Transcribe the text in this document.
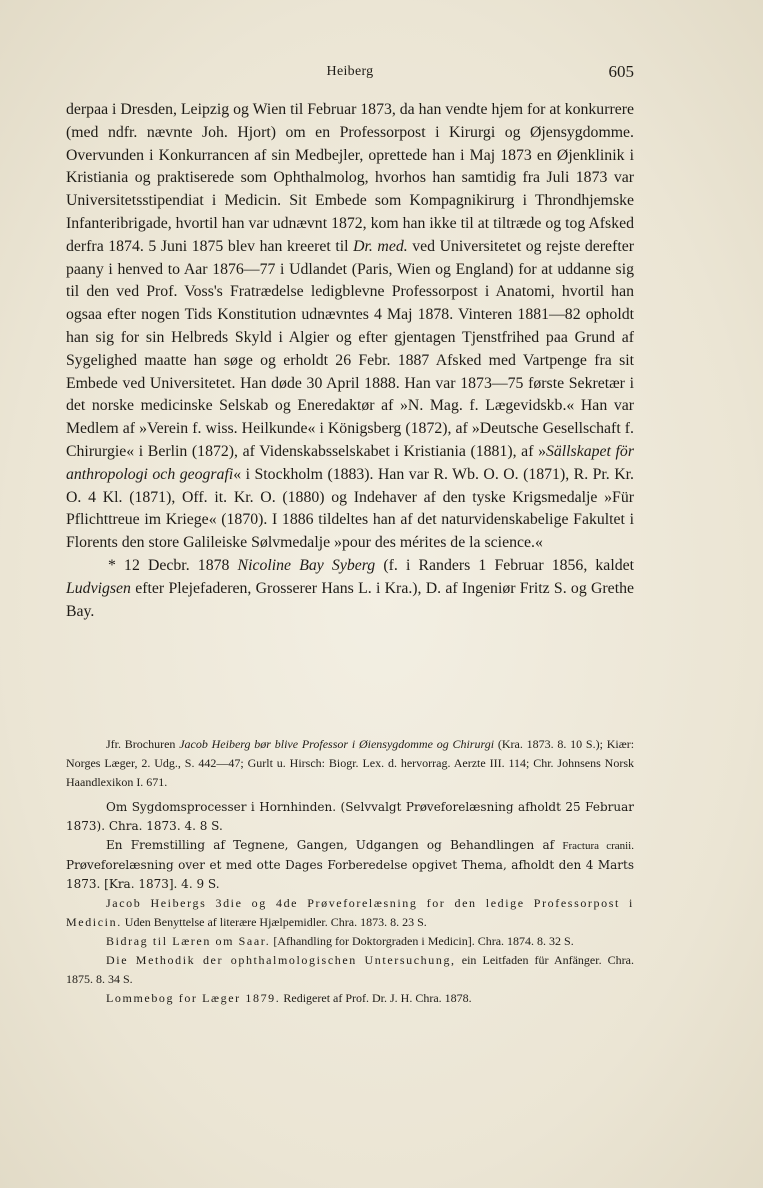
Heiberg	605

derpaa i Dresden, Leipzig og Wien til Februar 1873, da han vendte hjem for at konkurrere (med ndfr. nævnte Joh. Hjort) om en Professorpost i Kirurgi og Øjensygdomme. Overvunden i Konkurrancen af sin Medbejler, oprettede han i Maj 1873 en Øjenklinik i Kristiania og praktiserede som Ophthalmolog, hvorhos han samtidig fra Juli 1873 var Universitetsstipendiat i Medicin. Sit Embede som Kompagnikirurg i Throndhjemske Infanteribrigade, hvortil han var udnævnt 1872, kom han ikke til at tiltræde og tog Afsked derfra 1874. 5 Juni 1875 blev han kreeret til Dr. med. ved Universitetet og rejste derefter paany i henved to Aar 1876—77 i Udlandet (Paris, Wien og England) for at uddanne sig til den ved Prof. Voss's Fratrædelse ledigblevne Professorpost i Anatomi, hvortil han ogsaa efter nogen Tids Konstitution udnævntes 4 Maj 1878. Vinteren 1881—82 opholdt han sig for sin Helbreds Skyld i Algier og efter gjentagen Tjenstfrihed paa Grund af Sygelighed maatte han søge og erholdt 26 Febr. 1887 Afsked med Vartpenge fra sit Embede ved Universitetet. Han døde 30 April 1888. Han var 1873—75 første Sekretær i det norske medicinske Selskab og Eneredaktør af »N. Mag. f. Lægevidskb.« Han var Medlem af »Verein f. wiss. Heilkunde« i Königsberg (1872), af »Deutsche Gesellschaft f. Chirurgie« i Berlin (1872), af Videnskabsselskabet i Kristiania (1881), af »Sällskapet för anthropologi och geografi« i Stockholm (1883). Han var R. Wb. O. O. (1871), R. Pr. Kr. O. 4 Kl. (1871), Off. it. Kr. O. (1880) og Indehaver af den tyske Krigsmedalje »Für Pflichttreue im Kriege« (1870). I 1886 tildeltes han af det naturvidenskabelige Fakultet i Florents den store Galileiske Sølvmedalje »pour des mérites de la science.«

* 12 Decbr. 1878 Nicoline Bay Syberg (f. i Randers 1 Februar 1856, kaldet Ludvigsen efter Plejefaderen, Grosserer Hans L. i Kra.), D. af Ingeniør Fritz S. og Grethe Bay.

Jfr. Brochuren Jacob Heiberg bør blive Professor i Øiensygdomme og Chirurgi (Kra. 1873. 8. 10 S.); Kiær: Norges Læger, 2. Udg., S. 442—47; Gurlt u. Hirsch: Biogr. Lex. d. hervorrag. Aerzte III. 114; Chr. Johnsens Norsk Haandlexikon I. 671.

Om Sygdomsprocesser i Hornhinden. (Selvvalgt Prøveforelæsning afholdt 25 Februar 1873). Chra. 1873. 4. 8 S.

En Fremstilling af Tegnene, Gangen, Udgangen og Behandlingen af Fractura cranii. Prøveforelæsning over et med otte Dages Forberedelse opgivet Thema, afholdt den 4 Marts 1873. [Kra. 1873]. 4. 9 S.

Jacob Heibergs 3die og 4de Prøveforelæsning for den ledige Professorpost i Medicin. Uden Benyttelse af literære Hjælpemidler. Chra. 1873. 8. 23 S.

Bidrag til Læren om Saar. [Afhandling for Doktorgraden i Medicin]. Chra. 1874. 8. 32 S.

Die Methodik der ophthalmologischen Untersuchung, ein Leitfaden für Anfänger. Chra. 1875. 8. 34 S.

Lommebog for Læger 1879. Redigeret af Prof. Dr. J. H. Chra. 1878.
